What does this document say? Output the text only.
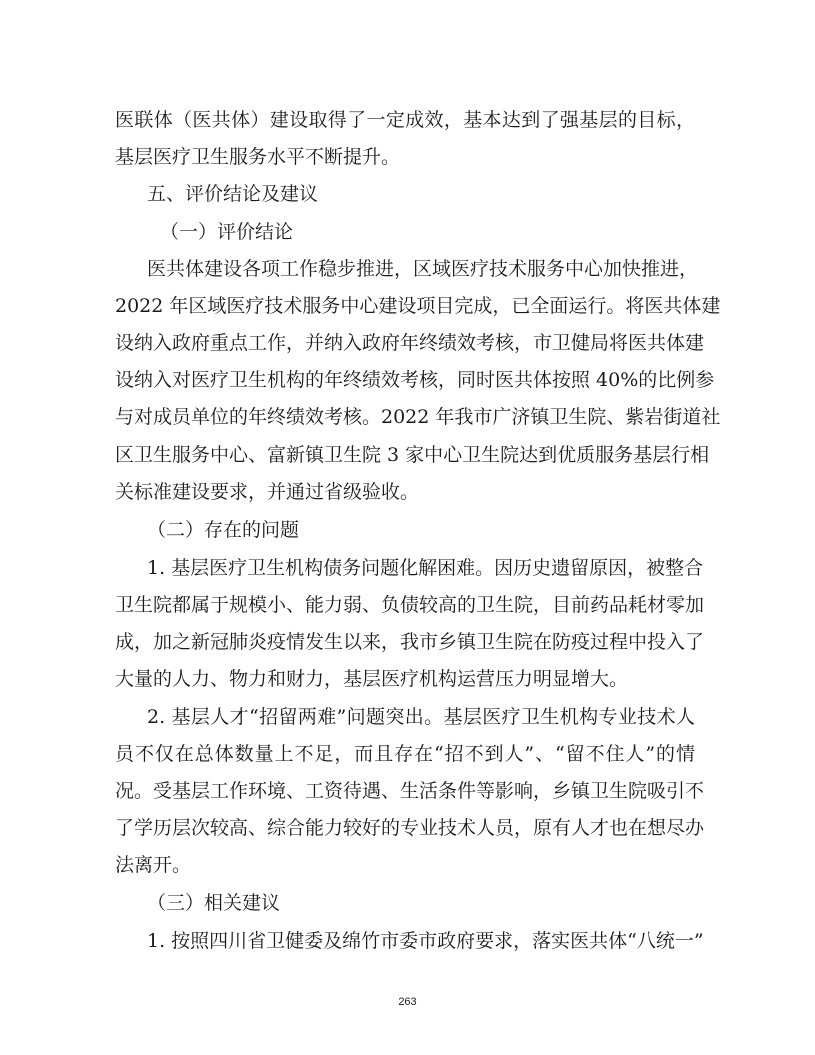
医联体（医共体）建设取得了一定成效，基本达到了强基层的目标，
基层医疗卫生服务水平不断提升。
五、评价结论及建议
（一）评价结论
医共体建设各项工作稳步推进，区域医疗技术服务中心加快推进，
2022 年区域医疗技术服务中心建设项目完成，已全面运行。将医共体建
设纳入政府重点工作，并纳入政府年终绩效考核，市卫健局将医共体建
设纳入对医疗卫生机构的年终绩效考核，同时医共体按照 40%的比例参
与对成员单位的年终绩效考核。2022 年我市广济镇卫生院、紫岩街道社
区卫生服务中心、富新镇卫生院 3 家中心卫生院达到优质服务基层行相
关标准建设要求，并通过省级验收。
（二）存在的问题
1. 基层医疗卫生机构债务问题化解困难。因历史遗留原因，被整合
卫生院都属于规模小、能力弱、负债较高的卫生院，目前药品耗材零加
成，加之新冠肺炎疫情发生以来，我市乡镇卫生院在防疫过程中投入了
大量的人力、物力和财力，基层医疗机构运营压力明显增大。
2. 基层人才“招留两难”问题突出。基层医疗卫生机构专业技术人
员不仅在总体数量上不足，而且存在“招不到人”、“留不住人”的情
况。受基层工作环境、工资待遇、生活条件等影响，乡镇卫生院吸引不
了学历层次较高、综合能力较好的专业技术人员，原有人才也在想尽办
法离开。
（三）相关建议
1. 按照四川省卫健委及绵竹市委市政府要求，落实医共体“八统一”
263
